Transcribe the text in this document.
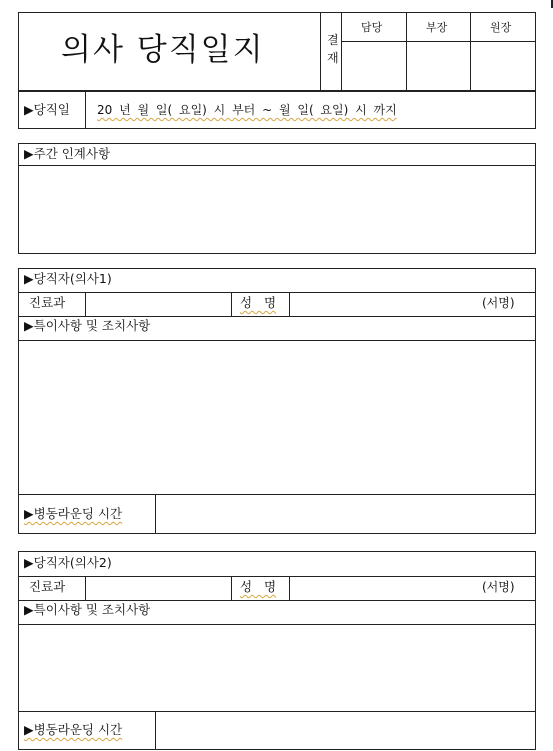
의사 당직일지	결
재
담당	부장	원장
▶당직일 20 년 월 일( 요일) 시 부터 ~ 월 일( 요일) 시 까지
▶주간 인계사항
▶당직자(의사1)
진료과	성 명	(서명)
▶특이사항 및 조치사항
▶병동라운딩 시간
▶당직자(의사2)
진료과	성 명	(서명)
▶특이사항 및 조치사항
▶병동라운딩 시간
